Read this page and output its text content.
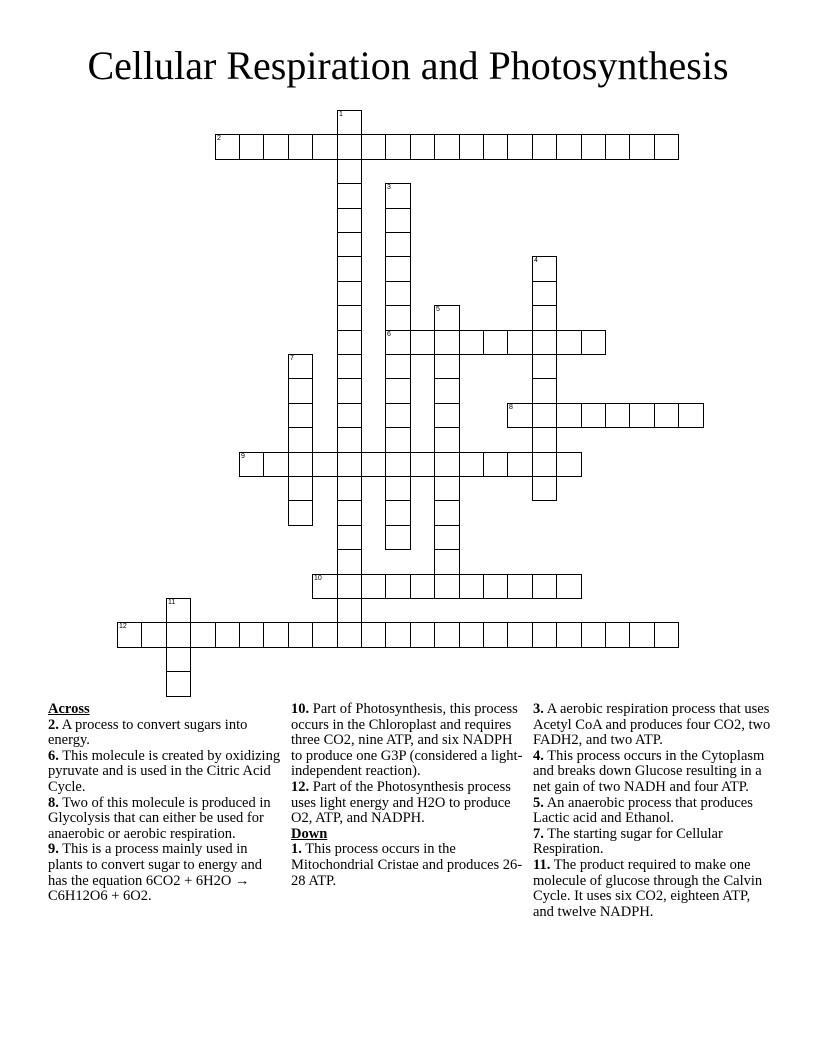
Cellular Respiration and Photosynthesis
1
2
3
6
4
5
7
8
9
10
11
12

Across

2. A process to convert sugars into energy.

6. This molecule is created by oxidizing pyruvate and is used in the Citric Acid Cycle.

8. Two of this molecule is produced in Glycolysis that can either be used for anaerobic or aerobic respiration.

9. This is a process mainly used in plants to convert sugar to energy and has the equation 6CO2 + 6H2O → C6H12O6 + 6O2.

10. Part of Photosynthesis, this process occurs in the Chloroplast and requires three CO2, nine ATP, and six NADPH to produce one G3P (considered a light-independent reaction).

12. Part of the Photosynthesis process uses light energy and H2O to produce O2, ATP, and NADPH.

Down

1. This process occurs in the Mitochondrial Cristae and produces 26-28 ATP.

3. A aerobic respiration process that uses Acetyl CoA and produces four CO2, two FADH2, and two ATP.

4. This process occurs in the Cytoplasm and breaks down Glucose resulting in a net gain of two NADH and four ATP.

5. An anaerobic process that produces Lactic acid and Ethanol.

7. The starting sugar for Cellular Respiration.

11. The product required to make one molecule of glucose through the Calvin Cycle. It uses six CO2, eighteen ATP, and twelve NADPH.
